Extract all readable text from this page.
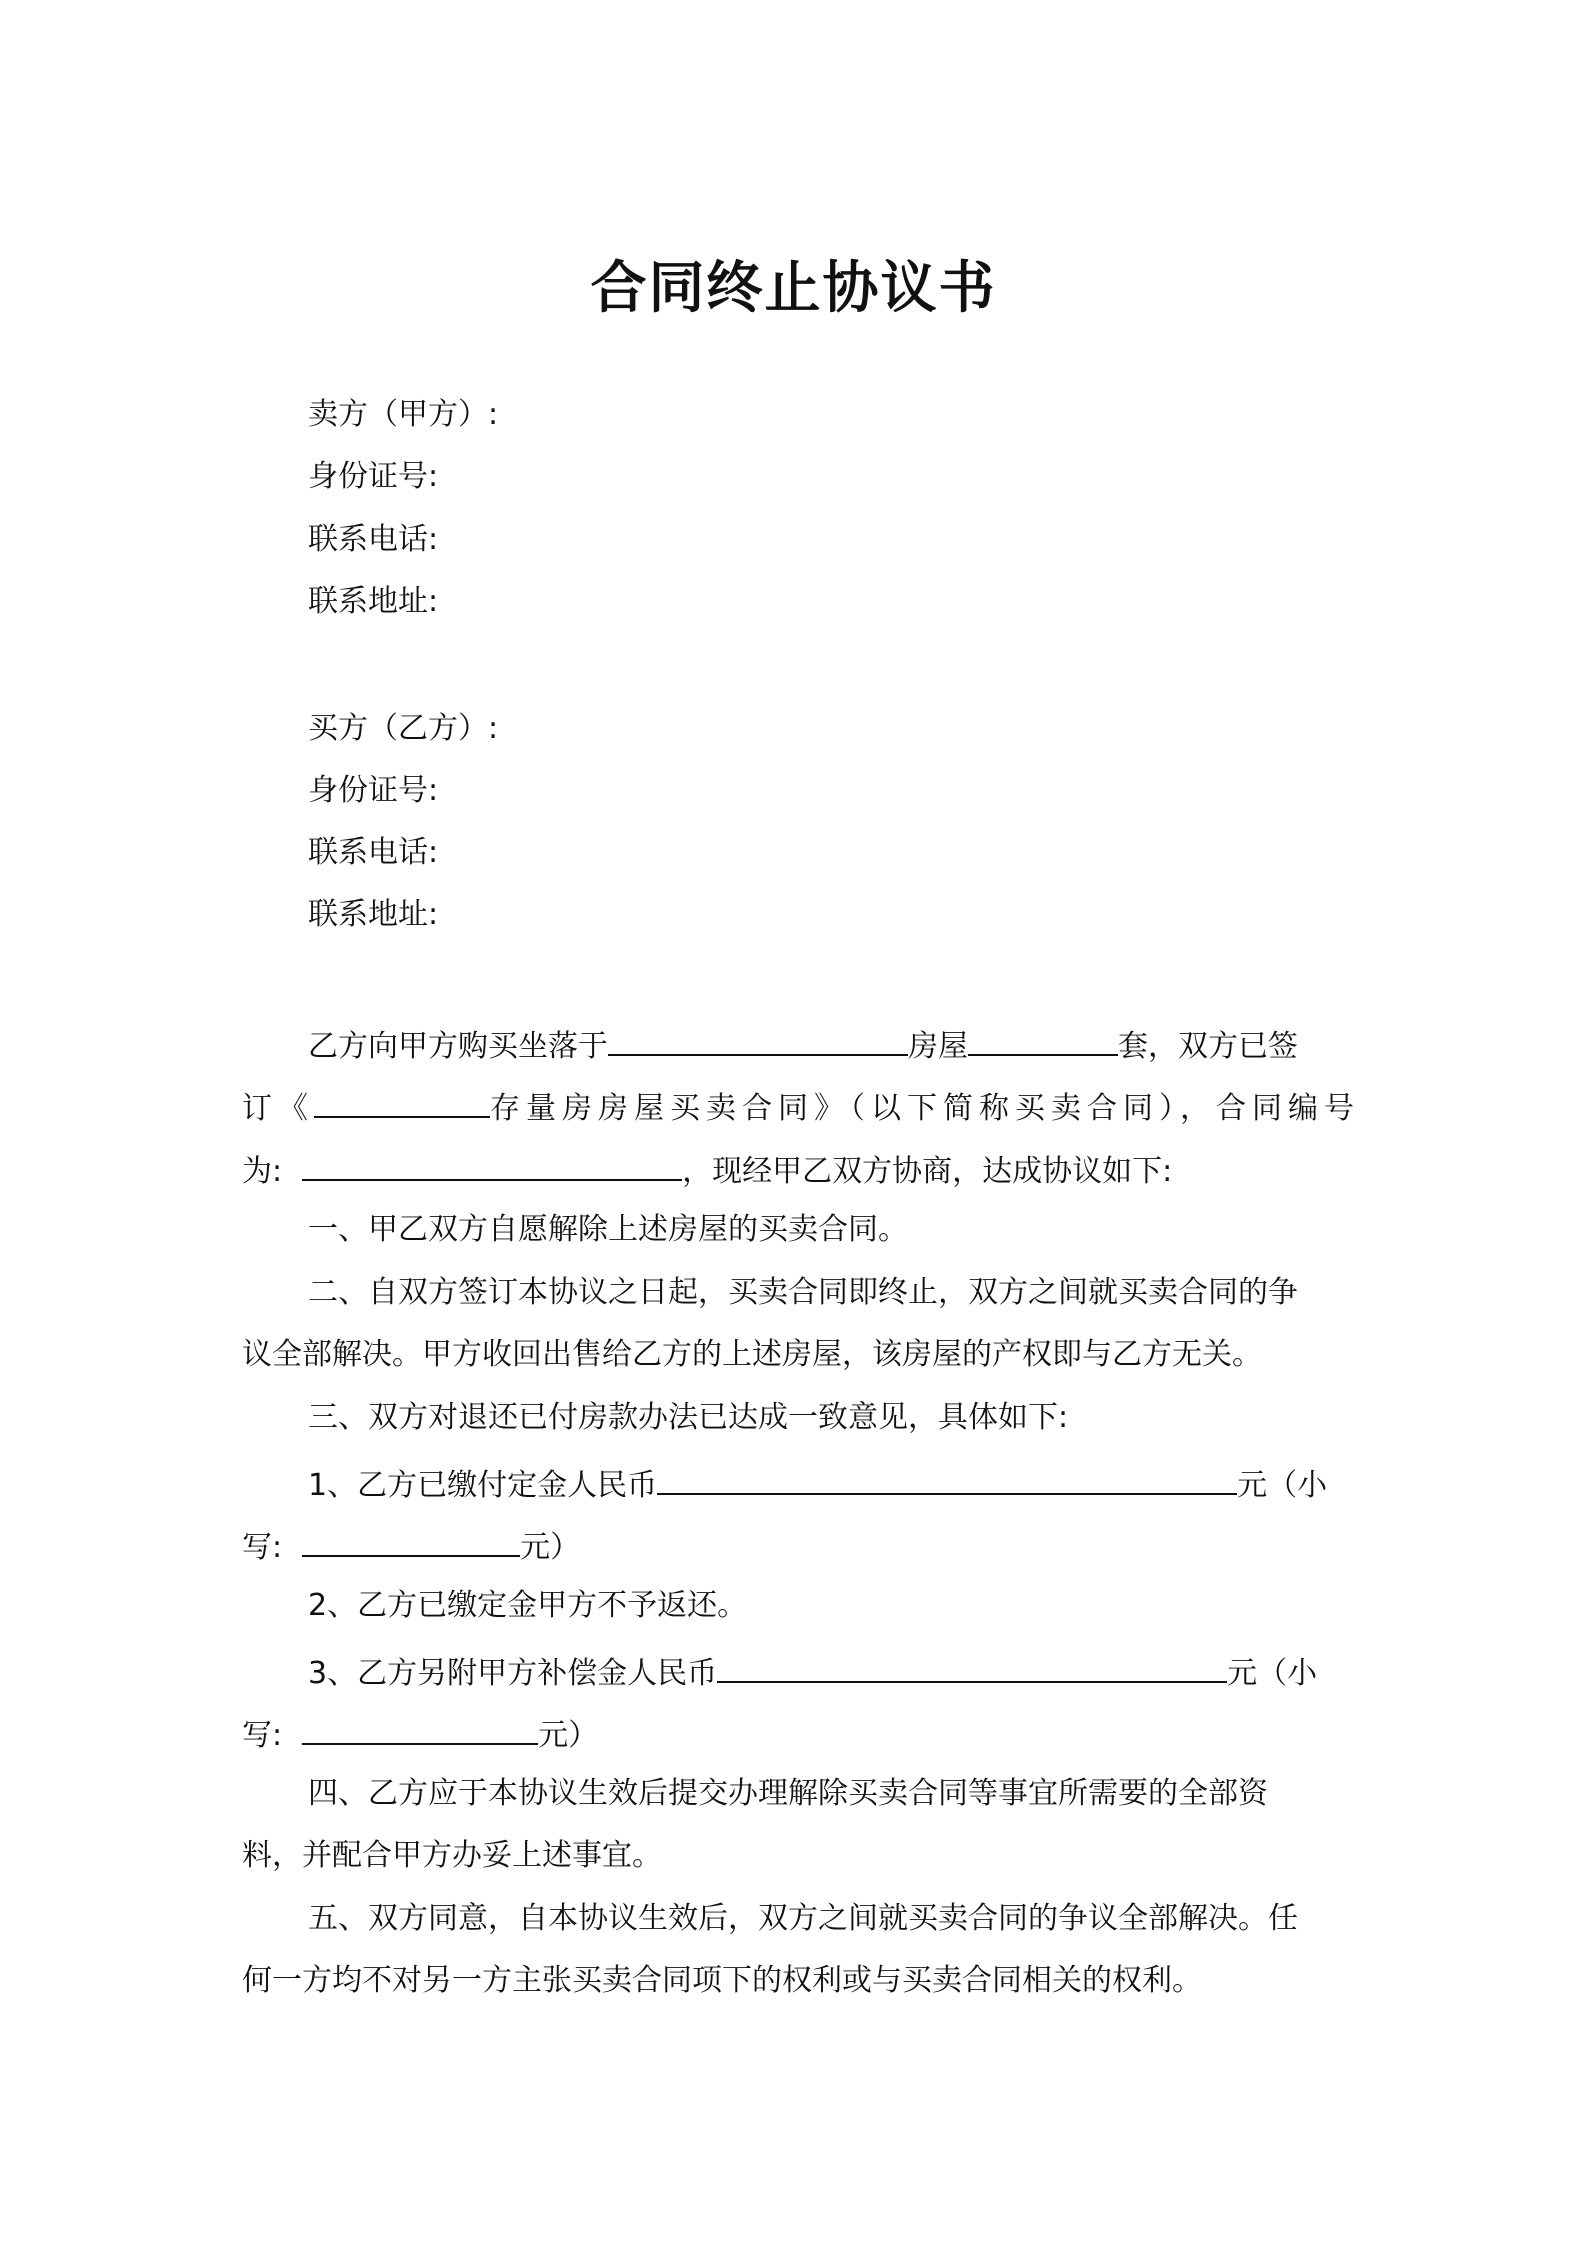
合同终止协议书
卖方（甲方）:
身份证号:
联系电话:
联系地址:
买方（乙方）:
身份证号:
联系电话:
联系地址:
乙方向甲方购买坐落于	房屋	套，双方已签
订《	存量房房屋买卖合同》（以下简称买卖合同），合同编号
为:	，现经甲乙双方协商，达成协议如下:
一、甲乙双方自愿解除上述房屋的买卖合同。
二、自双方签订本协议之日起，买卖合同即终止，双方之间就买卖合同的争
议全部解决。甲方收回出售给乙方的上述房屋，该房屋的产权即与乙方无关。
三、双方对退还已付房款办法已达成一致意见，具体如下:
1、乙方已缴付定金人民币	元（小
写:	元）
2、乙方已缴定金甲方不予返还。
3、乙方另附甲方补偿金人民币	元（小
写:	元）
四、乙方应于本协议生效后提交办理解除买卖合同等事宜所需要的全部资
料，并配合甲方办妥上述事宜。
五、双方同意，自本协议生效后，双方之间就买卖合同的争议全部解决。任
何一方均不对另一方主张买卖合同项下的权利或与买卖合同相关的权利。
